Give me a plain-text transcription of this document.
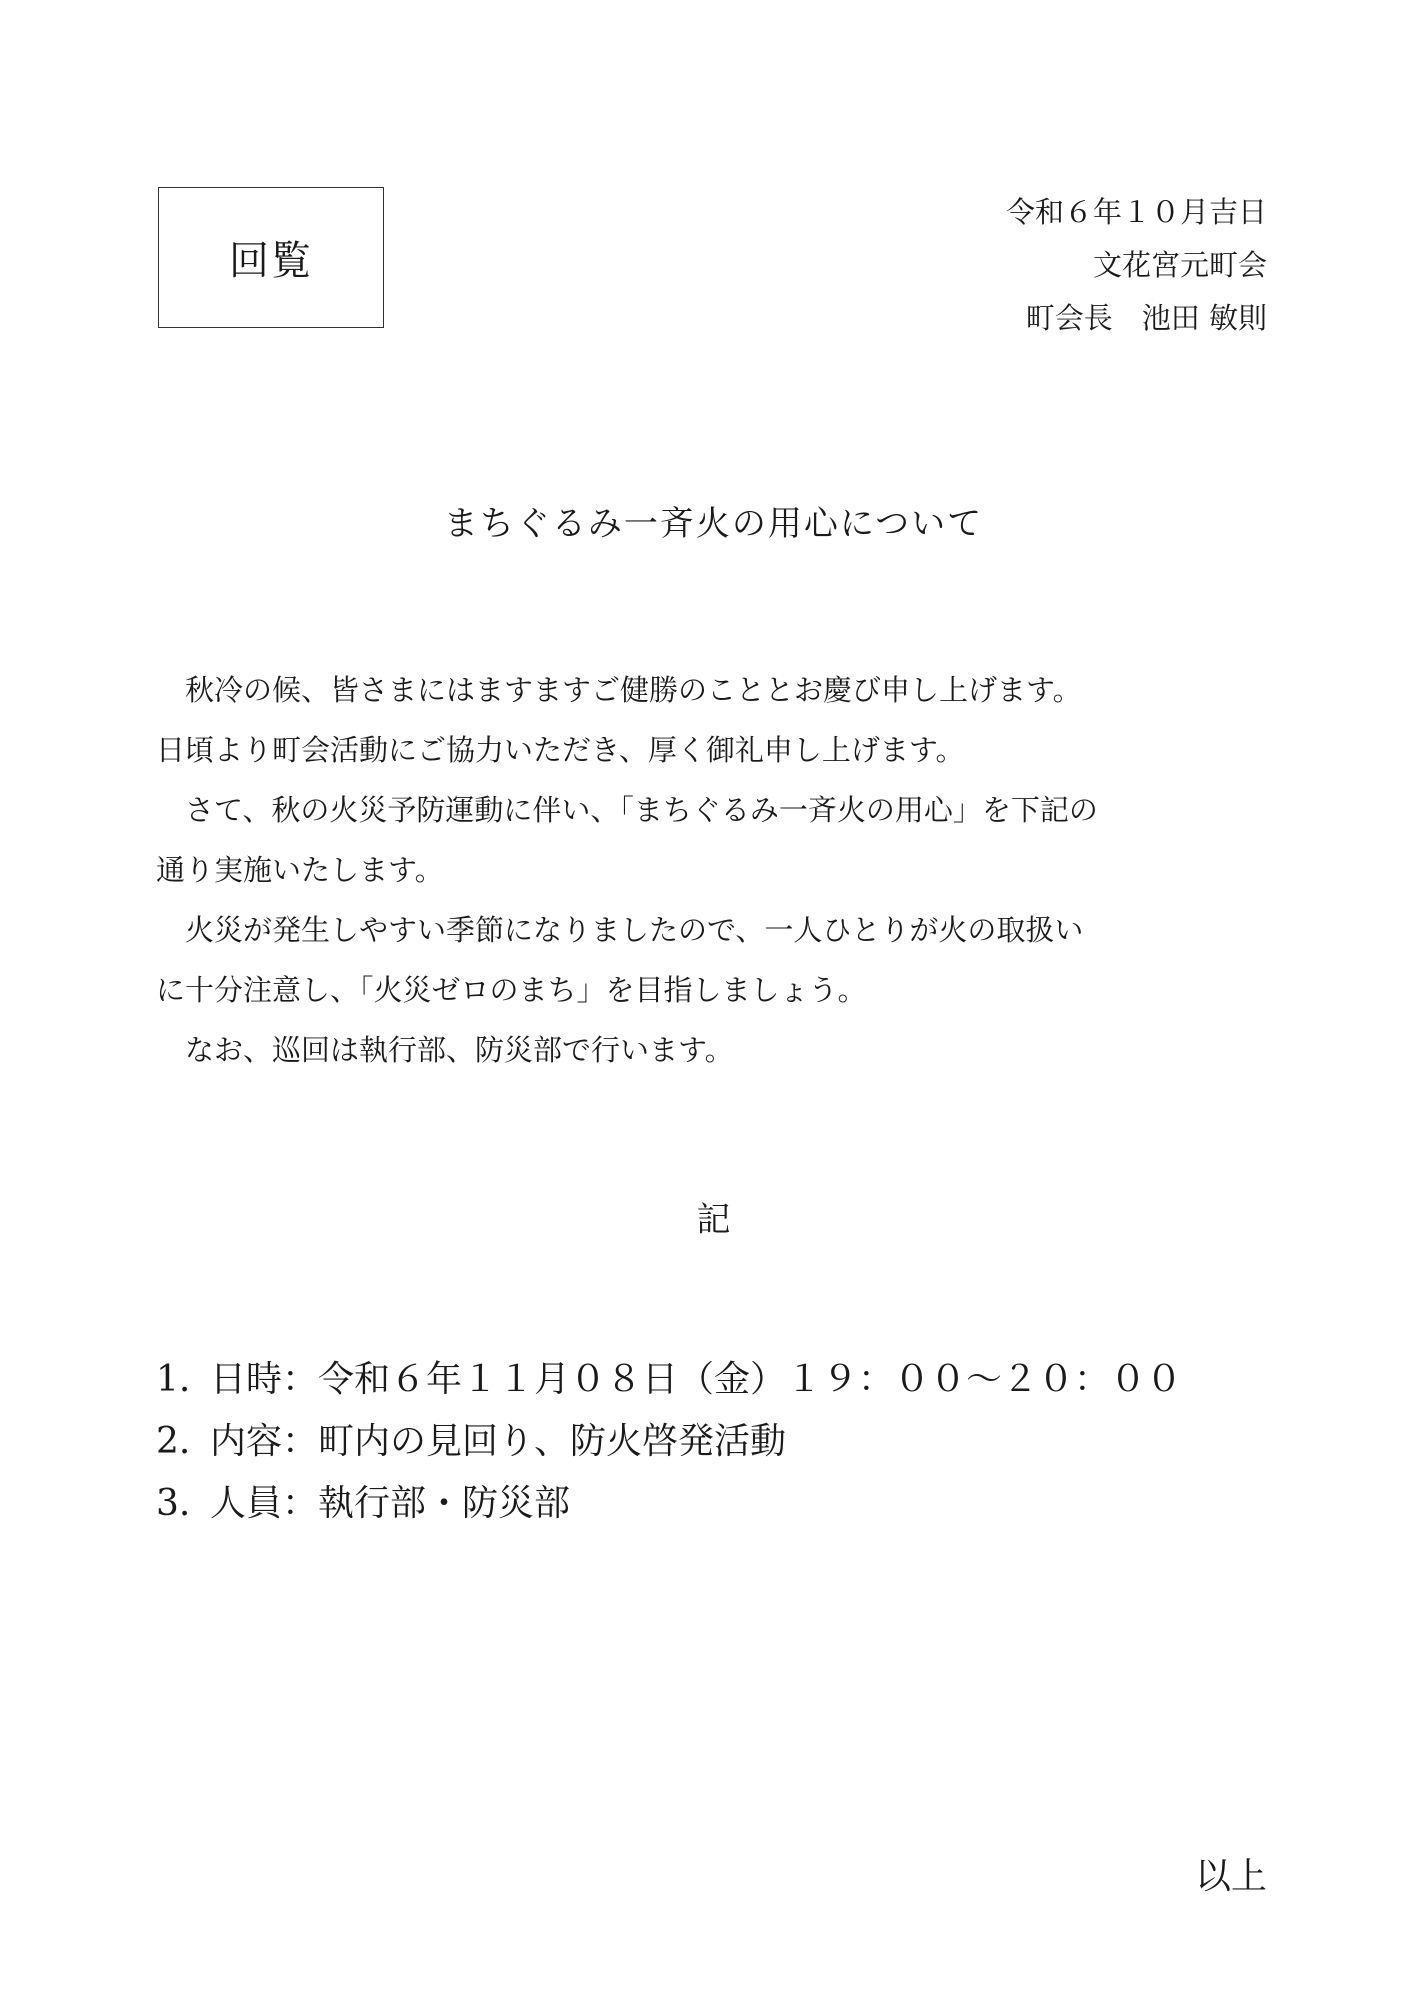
回覧
令和６年１０月吉日
文花宮元町会
町会長　池田 敏則
まちぐるみ一斉火の用心について

　秋冷の候、皆さまにはますますご健勝のこととお慶び申し上げます。

日頃より町会活動にご協力いただき、厚く御礼申し上げます。

　さて、秋の火災予防運動に伴い、「まちぐるみ一斉火の用心」を下記の

通り実施いたします。

　火災が発生しやすい季節になりましたので、一人ひとりが火の取扱い

に十分注意し、「火災ゼロのまち」を目指しましょう。

　なお、巡回は執行部、防災部で行います。

記
1. 日時：令和６年１１月０８日（金）１９：００～２０：００
2. 内容：町内の見回り、防火啓発活動
3. 人員：執行部・防災部
以上
